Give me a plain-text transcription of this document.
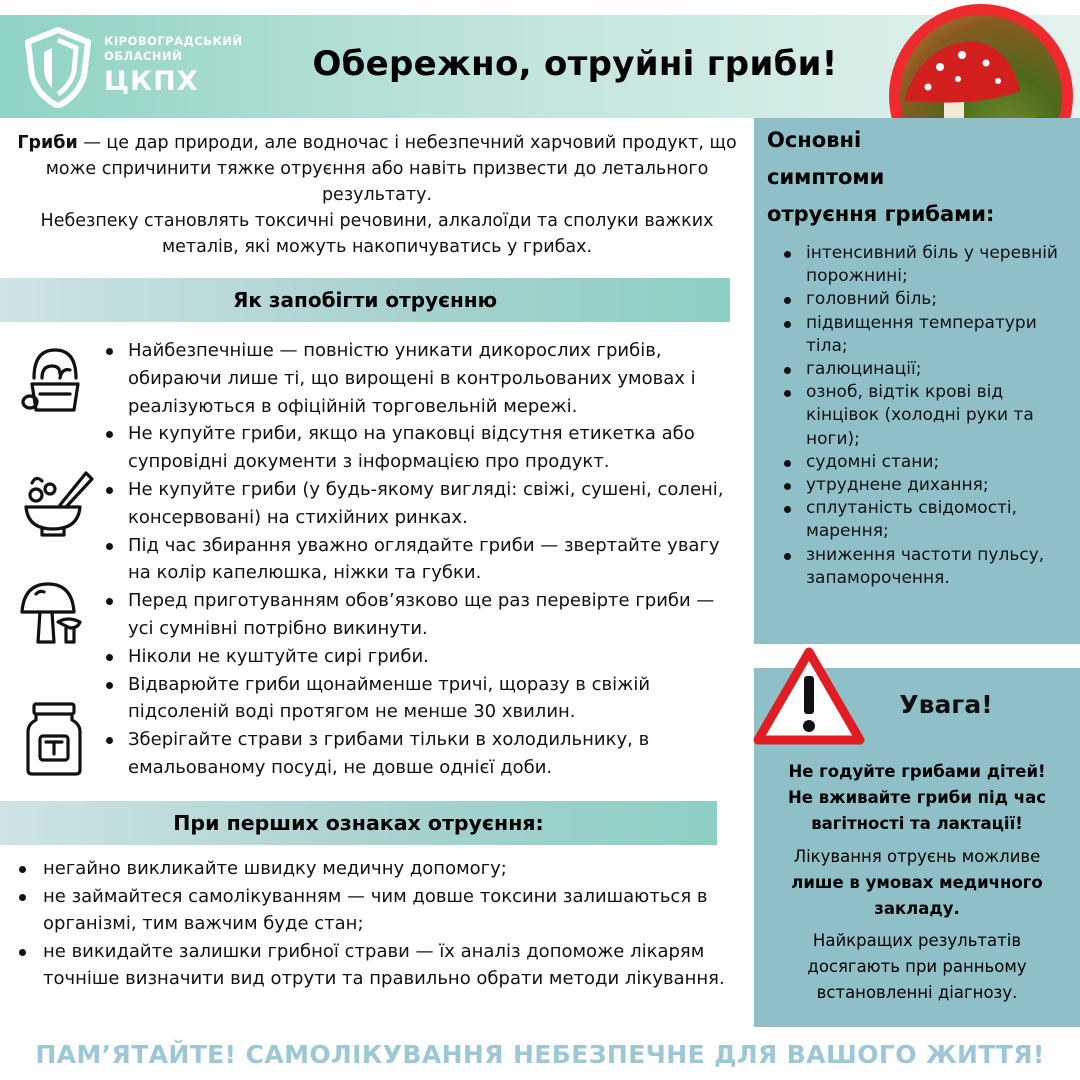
КІРОВОГРАДСЬКИЙ
ОБЛАСНИЙ
ЦКПХ	Обережно, отруйні гриби!
Гриби — це дар природи, але водночас і небезпечний харчовий продукт, що може спричинити тяжке отруєння або навіть призвести до летального результату.
Небезпеку становлять токсичні речовини, алкалоїди та сполуки важких металів, які можуть накопичуватись у грибах.
Як запобігти отруєнню
Найбезпечніше — повністю уникати дикорослих грибів, обираючи лише ті, що вирощені в контрольованих умовах і реалізуються в офіційній торговельній мережі.
Не купуйте гриби, якщо на упаковці відсутня етикетка або супровідні документи з інформацією про продукт.
Не купуйте гриби (у будь-якому вигляді: свіжі, сушені, солені, консервовані) на стихійних ринках.
Під час збирання уважно оглядайте гриби — звертайте увагу на колір капелюшка, ніжки та губки.
Перед приготуванням обов’язково ще раз перевірте гриби — усі сумнівні потрібно викинути.
Ніколи не куштуйте сирі гриби.
Відварюйте гриби щонайменше тричі, щоразу в свіжій підсоленій воді протягом не менше 30 хвилин.
Зберігайте страви з грибами тільки в холодильнику, в емальованому посуді, не довше однієї доби.
При перших ознаках отруєння:
негайно викликайте швидку медичну допомогу;
не займайтеся самолікуванням — чим довше токсини залишаються в організмі, тим важчим буде стан;
не викидайте залишки грибної страви — їх аналіз допоможе лікарям точніше визначити вид отрути та правильно обрати методи лікування.
Основні
симптоми
отруєння грибами:
інтенсивний біль у черевній порожнині;
головний біль;
підвищення температури тіла;
галюцинації;
озноб, відтік крові від кінцівок (холодні руки та ноги);
судомні стани;
утруднене дихання;
сплутаність свідомості, марення;
зниження частоти пульсу, запаморочення.
Увага!
Не годуйте грибами дітей!
Не вживайте гриби під час вагітності та лактації!
Лікування отруєнь можливе лише в умовах медичного закладу.
Найкращих результатів досягають при ранньому встановленні діагнозу.
ПАМ’ЯТАЙТЕ! САМОЛІКУВАННЯ НЕБЕЗПЕЧНЕ ДЛЯ ВАШОГО ЖИТТЯ!
